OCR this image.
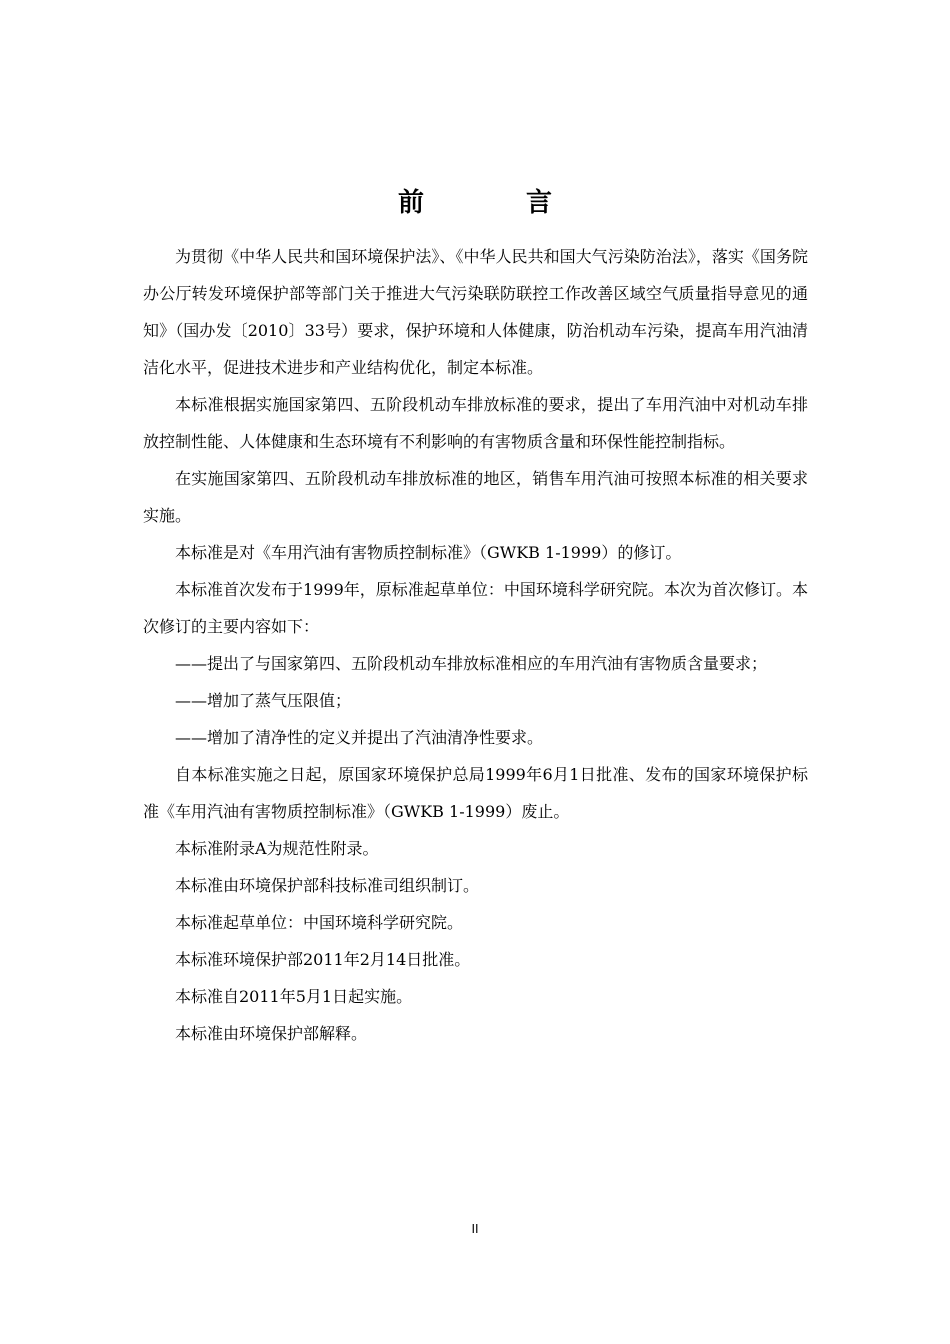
前　言

为贯彻《中华人民共和国环境保护法》、《中华人民共和国大气污染防治法》，落实《国务院办公厅转发环境保护部等部门关于推进大气污染联防联控工作改善区域空气质量指导意见的通知》（国办发〔2010〕33号）要求，保护环境和人体健康，防治机动车污染，提高车用汽油清洁化水平，促进技术进步和产业结构优化，制定本标准。

本标准根据实施国家第四、五阶段机动车排放标准的要求，提出了车用汽油中对机动车排放控制性能、人体健康和生态环境有不利影响的有害物质含量和环保性能控制指标。

在实施国家第四、五阶段机动车排放标准的地区，销售车用汽油可按照本标准的相关要求实施。

本标准是对《车用汽油有害物质控制标准》（GWKB 1-1999）的修订。

本标准首次发布于1999年，原标准起草单位：中国环境科学研究院。本次为首次修订。本次修订的主要内容如下：

——提出了与国家第四、五阶段机动车排放标准相应的车用汽油有害物质含量要求；

——增加了蒸气压限值；

——增加了清净性的定义并提出了汽油清净性要求。

自本标准实施之日起，原国家环境保护总局1999年6月1日批准、发布的国家环境保护标准《车用汽油有害物质控制标准》（GWKB 1-1999）废止。

本标准附录A为规范性附录。

本标准由环境保护部科技标准司组织制订。

本标准起草单位：中国环境科学研究院。

本标准环境保护部2011年2月14日批准。

本标准自2011年5月1日起实施。

本标准由环境保护部解释。

II
